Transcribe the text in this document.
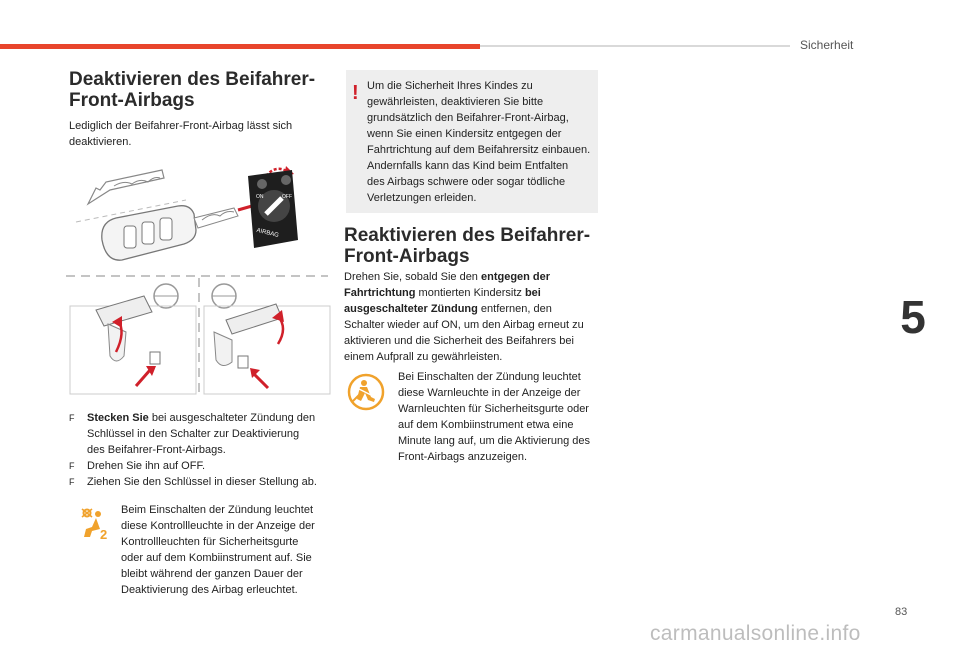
Sicherheit
5
Deaktivieren des Beifahrer-
Front-Airbags
Lediglich der Beifahrer-Front-Airbag lässt sich
deaktivieren.
AIRBAG
ON	OFF
F Stecken Sie bei ausgeschalteter Zündung den
Schlüssel in den Schalter zur Deaktivierung
des Beifahrer-Front-Airbags.
F Drehen Sie ihn auf OFF.
F Ziehen Sie den Schlüssel in dieser Stellung ab.
2
Beim Einschalten der Zündung leuchtet
diese Kontrollleuchte in der Anzeige der
Kontrollleuchten für Sicherheitsgurte
oder auf dem Kombiinstrument auf. Sie
bleibt während der ganzen Dauer der
Deaktivierung des Airbag erleuchtet.
! Um die Sicherheit Ihres Kindes zu
gewährleisten, deaktivieren Sie bitte
grundsätzlich den Beifahrer-Front-Airbag,
wenn Sie einen Kindersitz entgegen der
Fahrtrichtung auf dem Beifahrersitz einbauen.
Andernfalls kann das Kind beim Entfalten
des Airbags schwere oder sogar tödliche
Verletzungen erleiden.
Reaktivieren des Beifahrer-
Front-Airbags
Drehen Sie, sobald Sie den entgegen der
Fahrtrichtung montierten Kindersitz bei
ausgeschalteter Zündung entfernen, den
Schalter wieder auf ON, um den Airbag erneut zu
aktivieren und die Sicherheit des Beifahrers bei
einem Aufprall zu gewährleisten.
Bei Einschalten der Zündung leuchtet
diese Warnleuchte in der Anzeige der
Warnleuchten für Sicherheitsgurte oder
auf dem Kombiinstrument etwa eine
Minute lang auf, um die Aktivierung des
Front-Airbags anzuzeigen.
83
carmanualsonline.info
